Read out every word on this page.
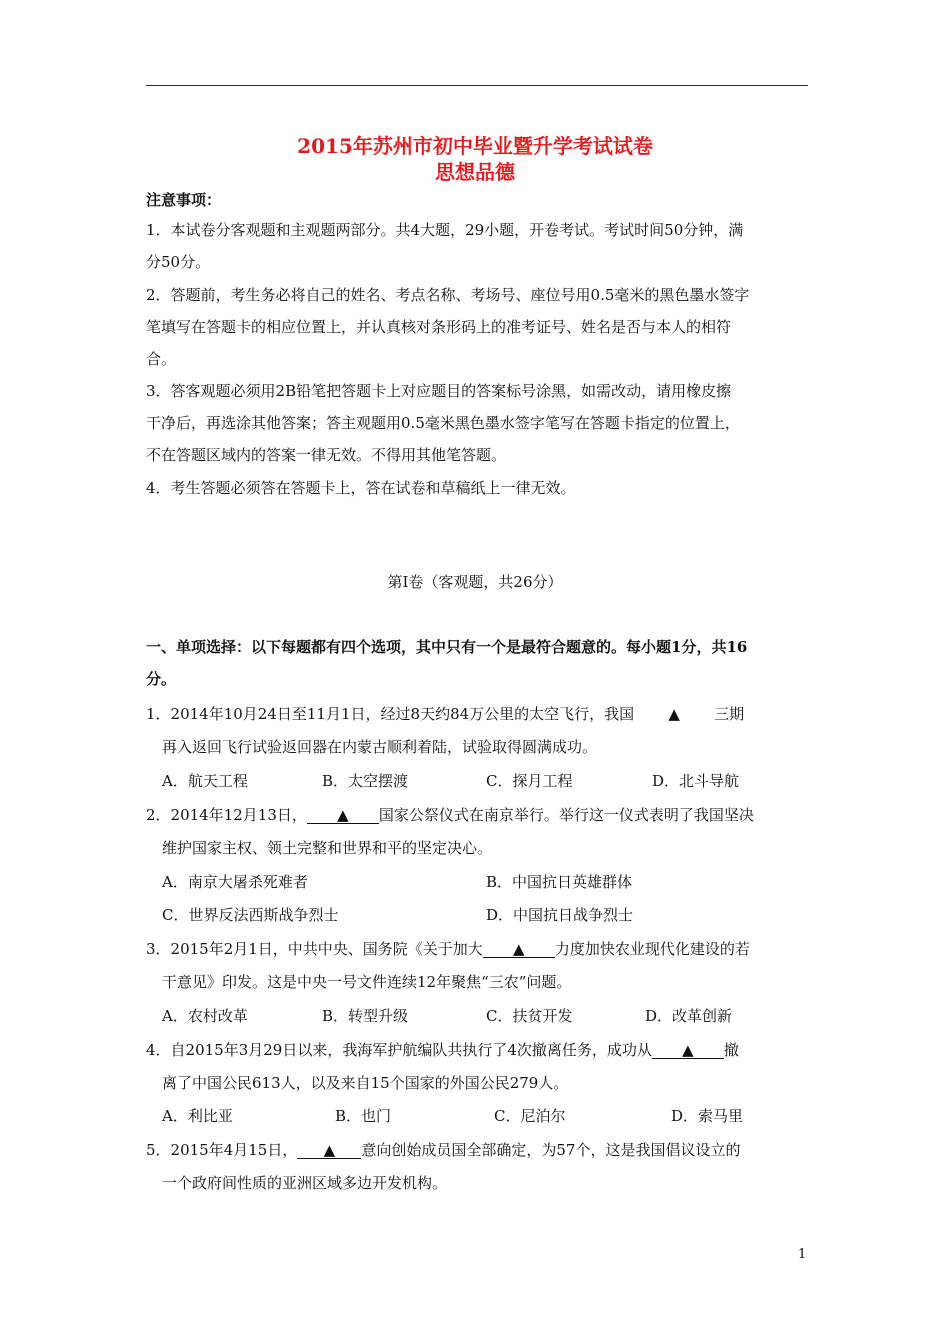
2015年苏州市初中毕业暨升学考试试卷
思想品德
注意事项：
1．本试卷分客观题和主观题两部分。共4大题，29小题，开卷考试。考试时间50分钟，满
分50分。
2．答题前，考生务必将自己的姓名、考点名称、考场号、座位号用0.5毫米的黑色墨水签字
笔填写在答题卡的相应位置上，并认真核对条形码上的准考证号、姓名是否与本人的相符
合。
3．答客观题必须用2B铅笔把答题卡上对应题目的答案标号涂黑，如需改动，请用橡皮擦
干净后，再选涂其他答案；答主观题用0.5毫米黑色墨水签字笔写在答题卡指定的位置上，
不在答题区域内的答案一律无效。不得用其他笔答题。
4．考生答题必须答在答题卡上，答在试卷和草稿纸上一律无效。
第Ⅰ卷（客观题，共26分）
一、单项选择：以下每题都有四个选项，其中只有一个是最符合题意的。每小题1分，共16
分。
1．2014年10月24日至11月1日，经过8天约84万公里的太空飞行，我国 ▲ 三期
再入返回飞行试验返回器在内蒙古顺利着陆，试验取得圆满成功。
A．航天工程	B．太空摆渡	C．探月工程	D．北斗导航
2．2014年12月13日， ▲ 国家公祭仪式在南京举行。举行这一仪式表明了我国坚决
维护国家主权、领土完整和世界和平的坚定决心。
A．南京大屠杀死难者	B．中国抗日英雄群体
C．世界反法西斯战争烈士	D．中国抗日战争烈士
3．2015年2月1日，中共中央、国务院《关于加大 ▲ 力度加快农业现代化建设的若
干意见》印发。这是中央一号文件连续12年聚焦“三农”问题。
A．农村改革	B．转型升级	C．扶贫开发	D．改革创新
4．自2015年3月29日以来，我海军护航编队共执行了4次撤离任务，成功从 ▲ 撤
离了中国公民613人，以及来自15个国家的外国公民279人。
A．利比亚	B．也门	C．尼泊尔	D．索马里
5．2015年4月15日， ▲ 意向创始成员国全部确定，为57个，这是我国倡议设立的
一个政府间性质的亚洲区域多边开发机构。
1
